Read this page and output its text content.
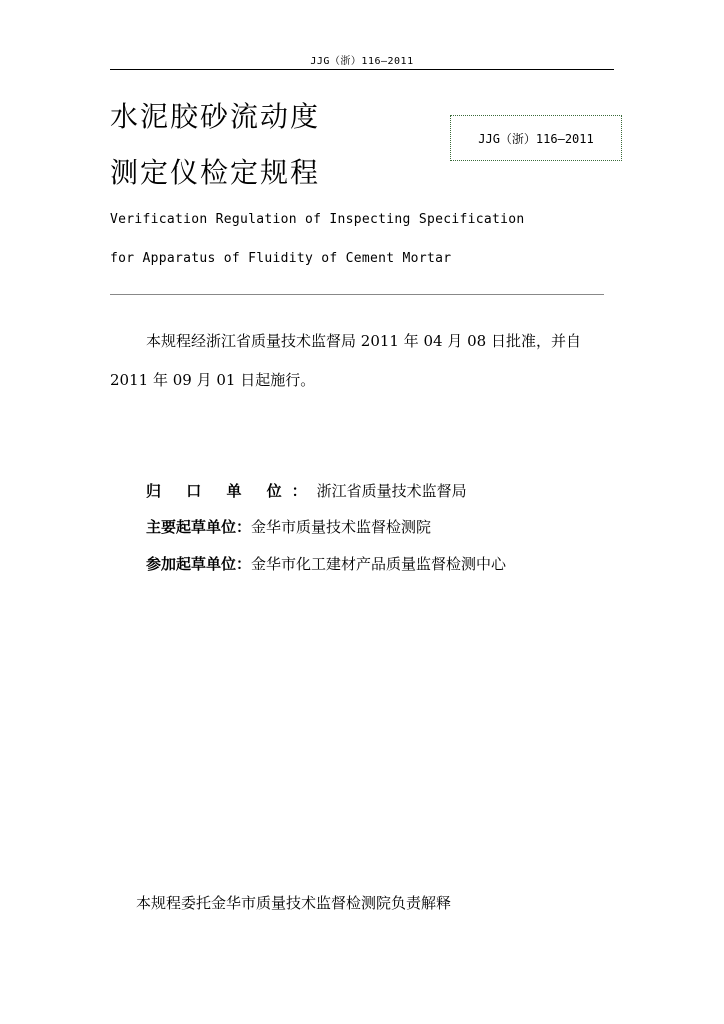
JJG（浙）116—2011
水泥胶砂流动度
测定仪检定规程
JJG（浙）116—2011
Verification Regulation of Inspecting Specification
for Apparatus of Fluidity of Cement Mortar
本规程经浙江省质量技术监督局 2011 年 04 月 08 日批准，并自 2011 年 09 月 01 日起施行。
归 口 单 位：浙江省质量技术监督局
主要起草单位：金华市质量技术监督检测院
参加起草单位：金华市化工建材产品质量监督检测中心
本规程委托金华市质量技术监督检测院负责解释
